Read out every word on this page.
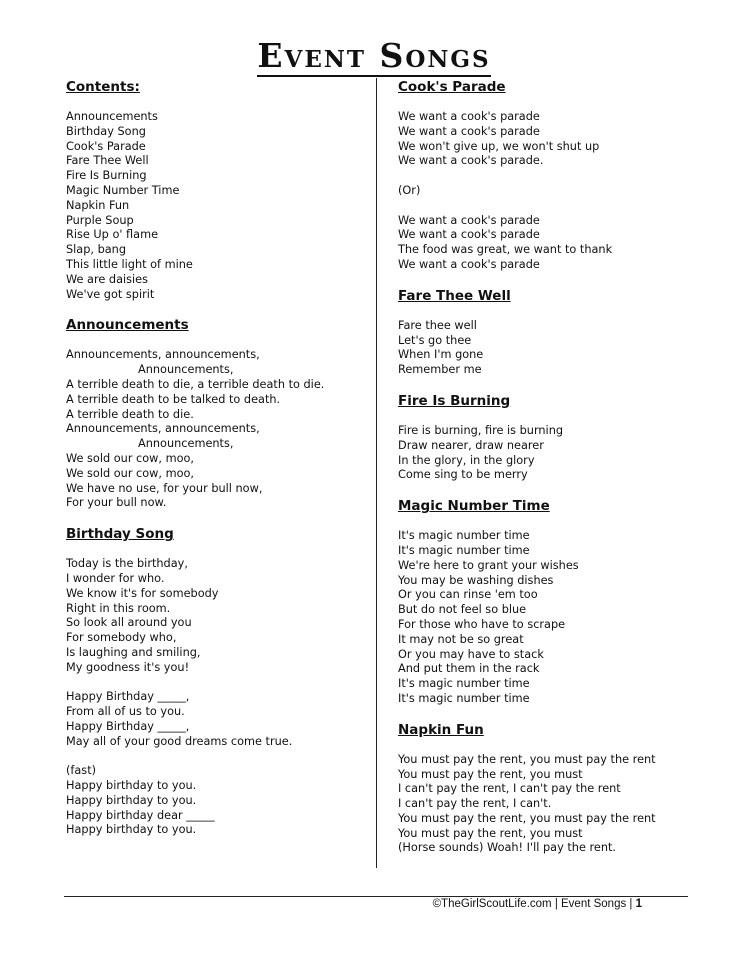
Event Songs
Contents:
Announcements
Birthday Song
Cook's Parade
Fare Thee Well
Fire Is Burning
Magic Number Time
Napkin Fun
Purple Soup
Rise Up o' flame
Slap, bang
This little light of mine
We are daisies
We've got spirit
Announcements
Announcements, announcements,
Announcements,
A terrible death to die, a terrible death to die.
A terrible death to be talked to death.
A terrible death to die.
Announcements, announcements,
Announcements,
We sold our cow, moo,
We sold our cow, moo,
We have no use, for your bull now,
For your bull now.
Birthday Song
Today is the birthday,
I wonder for who.
We know it's for somebody
Right in this room.
So look all around you
For somebody who,
Is laughing and smiling,
My goodness it's you!
Happy Birthday _____,
From all of us to you.
Happy Birthday _____,
May all of your good dreams come true.
(fast)
Happy birthday to you.
Happy birthday to you.
Happy birthday dear _____
Happy birthday to you.
Cook's Parade
We want a cook's parade
We want a cook's parade
We won't give up, we won't shut up
We want a cook's parade.
(Or)
We want a cook's parade
We want a cook's parade
The food was great, we want to thank
We want a cook's parade
Fare Thee Well
Fare thee well
Let's go thee
When I'm gone
Remember me
Fire Is Burning
Fire is burning, fire is burning
Draw nearer, draw nearer
In the glory, in the glory
Come sing to be merry
Magic Number Time
It's magic number time
It's magic number time
We're here to grant your wishes
You may be washing dishes
Or you can rinse 'em too
But do not feel so blue
For those who have to scrape
It may not be so great
Or you may have to stack
And put them in the rack
It's magic number time
It's magic number time
Napkin Fun
You must pay the rent, you must pay the rent
You must pay the rent, you must
I can't pay the rent, I can't pay the rent
I can't pay the rent, I can't.
You must pay the rent, you must pay the rent
You must pay the rent, you must
(Horse sounds) Woah! I'll pay the rent.
©TheGirlScoutLife.com | Event Songs | 1
